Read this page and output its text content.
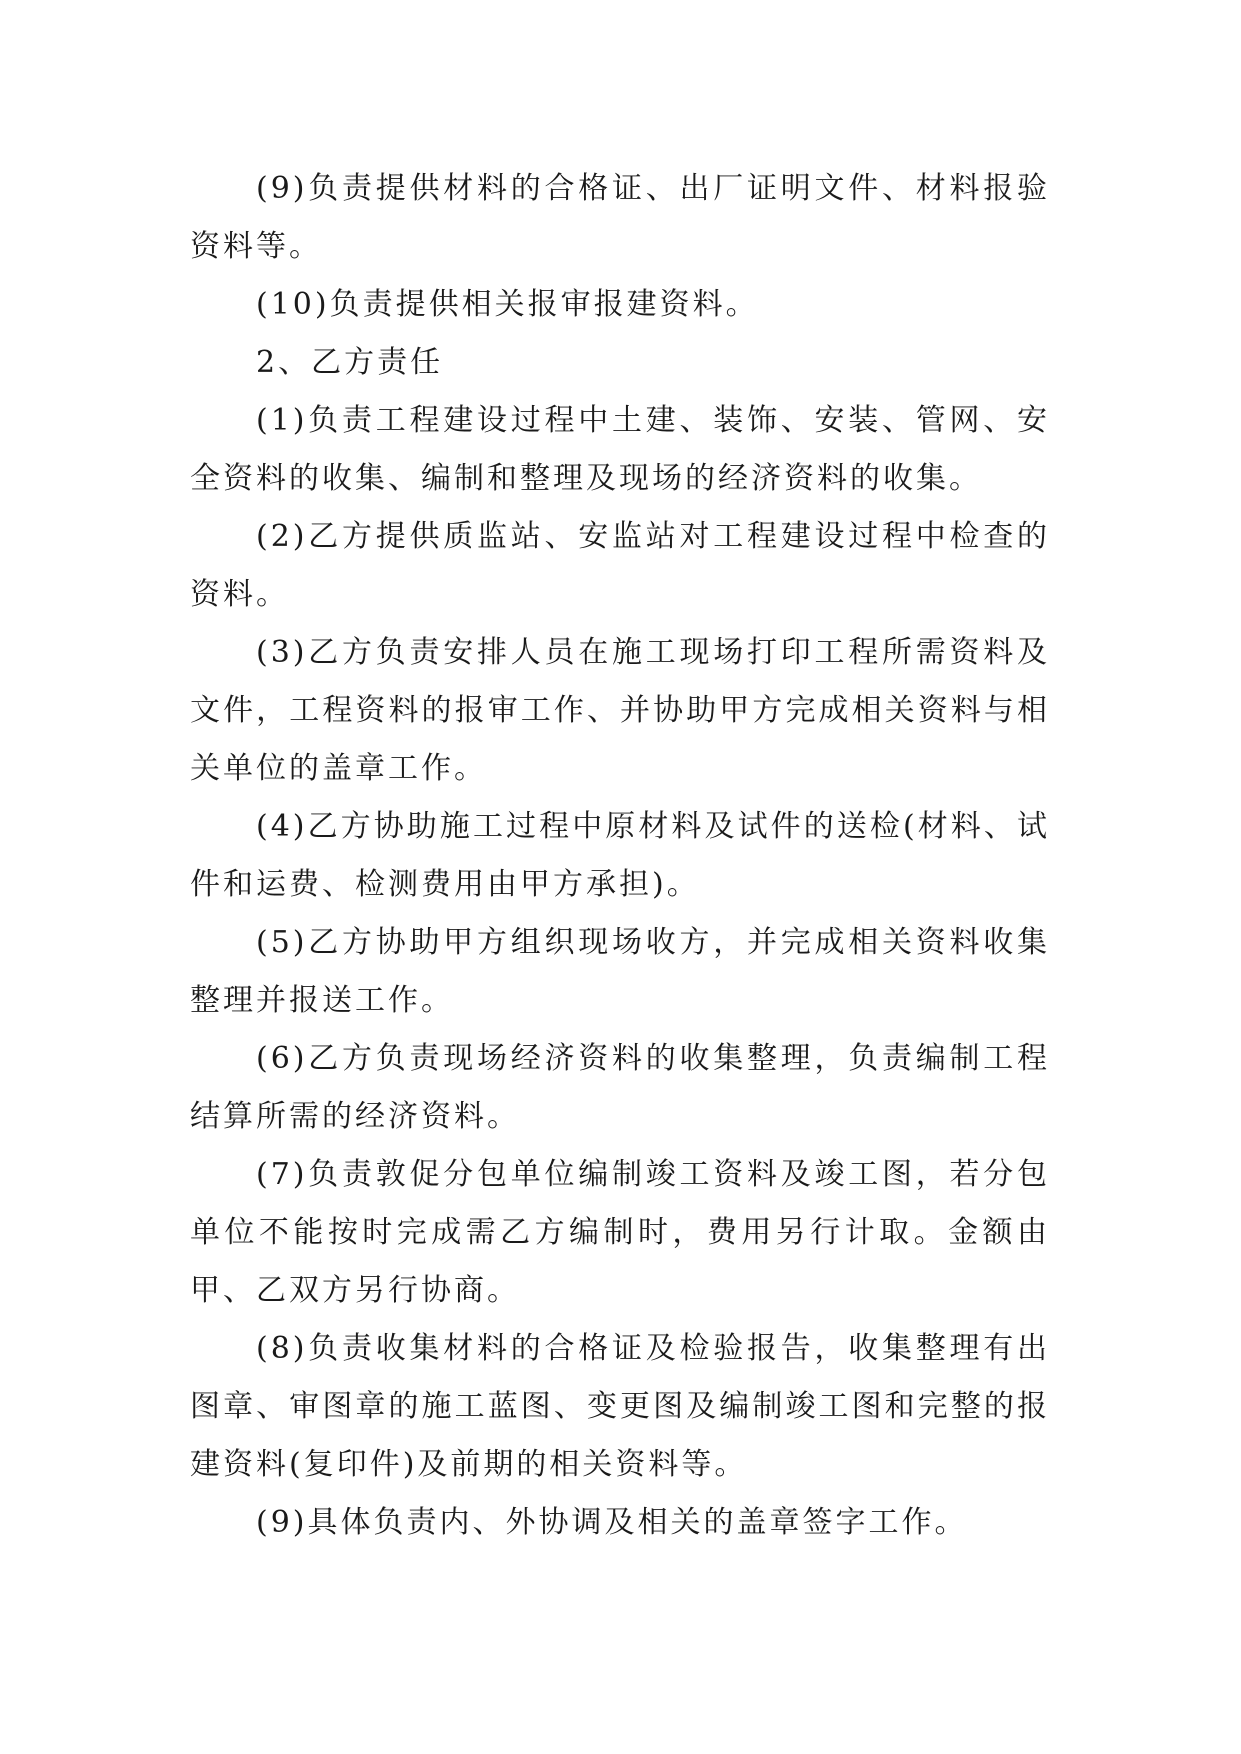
(9)负责提供材料的合格证、出厂证明文件、材料报验资料等。

(10)负责提供相关报审报建资料。

2、乙方责任

(1)负责工程建设过程中土建、装饰、安装、管网、安全资料的收集、编制和整理及现场的经济资料的收集。

(2)乙方提供质监站、安监站对工程建设过程中检查的资料。

(3)乙方负责安排人员在施工现场打印工程所需资料及文件，工程资料的报审工作、并协助甲方完成相关资料与相关单位的盖章工作。

(4)乙方协助施工过程中原材料及试件的送检(材料、试件和运费、检测费用由甲方承担)。

(5)乙方协助甲方组织现场收方，并完成相关资料收集整理并报送工作。

(6)乙方负责现场经济资料的收集整理，负责编制工程结算所需的经济资料。

(7)负责敦促分包单位编制竣工资料及竣工图，若分包单位不能按时完成需乙方编制时，费用另行计取。金额由甲、乙双方另行协商。

(8)负责收集材料的合格证及检验报告，收集整理有出图章、审图章的施工蓝图、变更图及编制竣工图和完整的报建资料(复印件)及前期的相关资料等。

(9)具体负责内、外协调及相关的盖章签字工作。
